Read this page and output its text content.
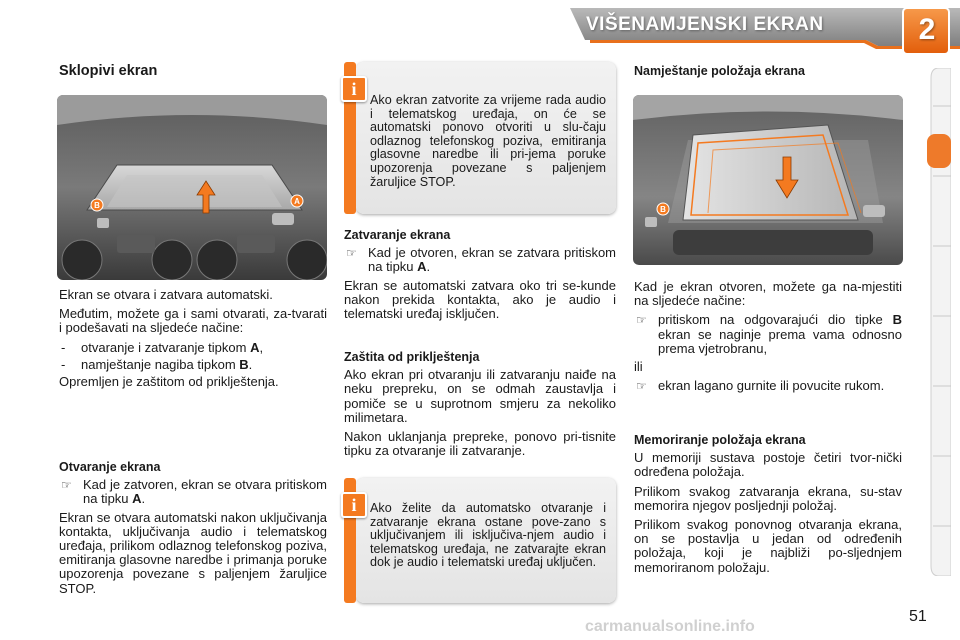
VIŠENAMJENSKI EKRAN	2
Sklopivi ekran
B	A

Ekran se otvara i zatvara automatski.

Međutim, možete ga i sami otvarati, za-tvarati i podešavati na sljedeće načine:

- otvaranje i zatvaranje tipkom A,
- namještanje nagiba tipkom B.

Opremljen je zaštitom od priklještenja.

Otvaranje ekrana
☞ Kad je zatvoren, ekran se otvara pritiskom na tipku A.

Ekran se otvara automatski nakon uključivanja kontakta, uključivanja audio i telematskog uređaja, prilikom odlaznog telefonskog poziva, emitiranja glasovne naredbe i primanja poruke upozorenja povezane s paljenjem žaruljice STOP.

i
Ako ekran zatvorite za vrijeme rada audio i telematskog uređaja, on će se automatski ponovo otvoriti u slu-čaju odlaznog telefonskog poziva, emitiranja glasovne naredbe ili pri-jema poruke upozorenja povezane s paljenjem žaruljice STOP.
Zatvaranje ekrana
☞ Kad je otvoren, ekran se zatvara pritiskom na tipku A.

Ekran se automatski zatvara oko tri se-kunde nakon prekida kontakta, ako je audio i telematski uređaj isključen.

Zaštita od priklještenja

Ako ekran pri otvaranju ili zatvaranju naiđe na neku prepreku, on se odmah zaustavlja i pomiče se u suprotnom smjeru za nekoliko milimetara.

Nakon uklanjanja prepreke, ponovo pri-tisnite tipku za otvaranje ili zatvaranje.

i	Ako želite da automatsko otvaranje i zatvaranje ekrana ostane pove-zano s uključivanjem ili isključiva-njem audio i telematskog uređaja, ne zatvarajte ekran dok je audio i telematski uređaj uključen.
Namještanje položaja ekrana
B

Kad je ekran otvoren, možete ga na-mjestiti na sljedeće načine:

☞ pritiskom na odgovarajući dio tipke B ekran se naginje prema vama odnosno prema vjetrobranu,

ili

☞ ekran lagano gurnite ili povucite rukom.
Memoriranje položaja ekrana

U memoriji sustava postoje četiri tvor-nički određena položaja.

Prilikom svakog zatvaranja ekrana, su-stav memorira njegov posljednji položaj.

Prilikom svakog ponovnog otvaranja ekrana, on se postavlja u jedan od određenih položaja, koji je najbliži po-sljednjem memoriranom položaju.

carmanualsonline.info
51
